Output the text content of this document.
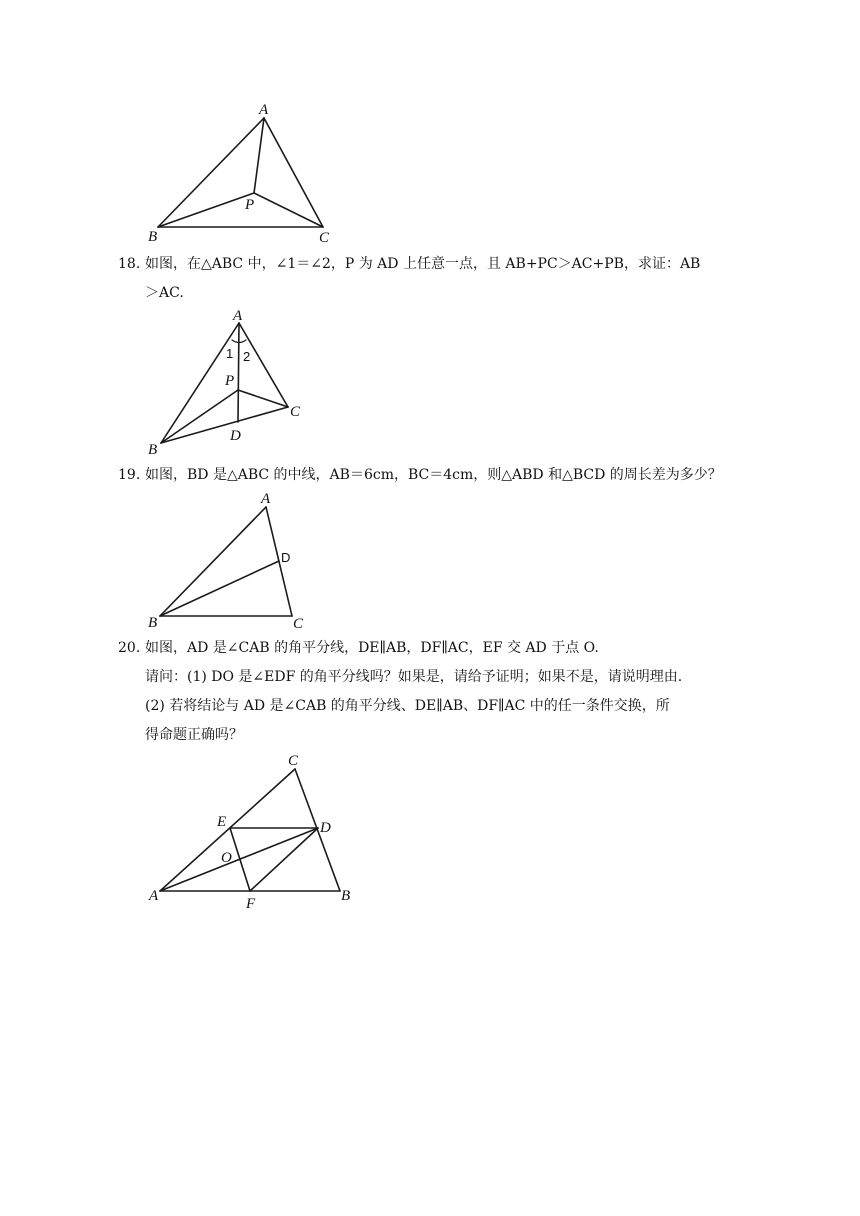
A
B	C
P
18. 如图，在△ABC 中，∠1＝∠2，P 为 AD 上任意一点，且 AB+PC＞AC+PB，求证：AB
＞AC.
A
B
C
P
D
1 2
19. 如图，BD 是△ABC 的中线，AB＝6cm，BC＝4cm，则△ABD 和△BCD 的周长差为多少？
A
B	C
D
20. 如图，AD 是∠CAB 的角平分线，DE∥AB，DF∥AC，EF 交 AD 于点 O.
请问：(1) DO 是∠EDF 的角平分线吗？如果是，请给予证明；如果不是，请说明理由.
(2) 若将结论与 AD 是∠CAB 的角平分线、DE∥AB、DF∥AC 中的任一条件交换，所
得命题正确吗？
A	B
C
D
E
F
O
